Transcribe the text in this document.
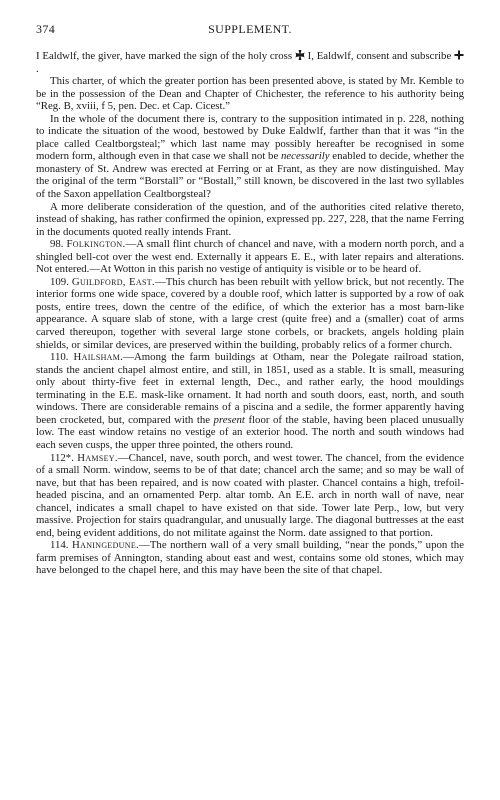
374	SUPPLEMENT.

I Ealdwlf, the giver, have marked the sign of the holy cross I, Ealdwlf, consent and subscribe
.

This charter, of which the greater portion has been presented above, is stated by Mr. Kemble to be in the possession of the Dean and Chapter of Chichester, the reference to his authority being “Reg. B, xviii, f 5, pen. Dec. et Cap. Cicest.”

In the whole of the document there is, contrary to the supposition intimated in p. 228, nothing to indicate the situation of the wood, bestowed by Duke Ealdwlf, farther than that it was “in the place called Cealtborgsteal;” which last name may possibly hereafter be recognised in some modern form, although even in that case we shall not be necessarily enabled to decide, whether the monastery of St. Andrew was erected at Ferring or at Frant, as they are now distinguished. May the original of the term “Borstall” or “Bostall,” still known, be discovered in the last two syllables of the Saxon appellation Cealtborgsteal?

A more deliberate consideration of the question, and of the authorities cited relative thereto, instead of shaking, has rather confirmed the opinion, expressed pp. 227, 228, that the name Ferring in the documents quoted really intends Frant.

98. Folkington.—A small flint church of chancel and nave, with a modern north porch, and a shingled bell-cot over the west end. Externally it appears E. E., with later repairs and alterations. Not entered.—At Wotton in this parish no vestige of antiquity is visible or to be heard of.

109. Guildford, East.—This church has been rebuilt with yellow brick, but not recently. The interior forms one wide space, covered by a double roof, which latter is supported by a row of oak posts, entire trees, down the centre of the edifice, of which the exterior has a most barn-like appearance. A square slab of stone, with a large crest (quite free) and a (smaller) coat of arms carved thereupon, together with several large stone corbels, or brackets, angels holding plain shields, or similar devices, are preserved within the building, probably relics of a former church.

110. Hailsham.—Among the farm buildings at Otham, near the Polegate railroad station, stands the ancient chapel almost entire, and still, in 1851, used as a stable. It is small, measuring only about thirty-five feet in external length, Dec., and rather early, the hood mouldings terminating in the E.E. mask-like ornament. It had north and south doors, east, north, and south windows. There are considerable remains of a piscina and a sedile, the former apparently having been crocketed, but, compared with the present floor of the stable, having been placed unusually low. The east window retains no vestige of an exterior hood. The north and south windows had each seven cusps, the upper three pointed, the others round.

112*. Hamsey.—Chancel, nave, south porch, and west tower. The chancel, from the evidence of a small Norm. window, seems to be of that date; chancel arch the same; and so may be wall of nave, but that has been repaired, and is now coated with plaster. Chancel contains a high, trefoil-headed piscina, and an ornamented Perp. altar tomb. An E.E. arch in north wall of nave, near chancel, indicates a small chapel to have existed on that side. Tower late Perp., low, but very massive. Projection for stairs quadrangular, and unusually large. The diagonal buttresses at the east end, being evident additions, do not militate against the Norm. date assigned to that portion.

114. Haningedune.—The northern wall of a very small building, “near the ponds,” upon the farm premises of Annington, standing about east and west, contains some old stones, which may have belonged to the chapel here, and this may have been the site of that chapel.
